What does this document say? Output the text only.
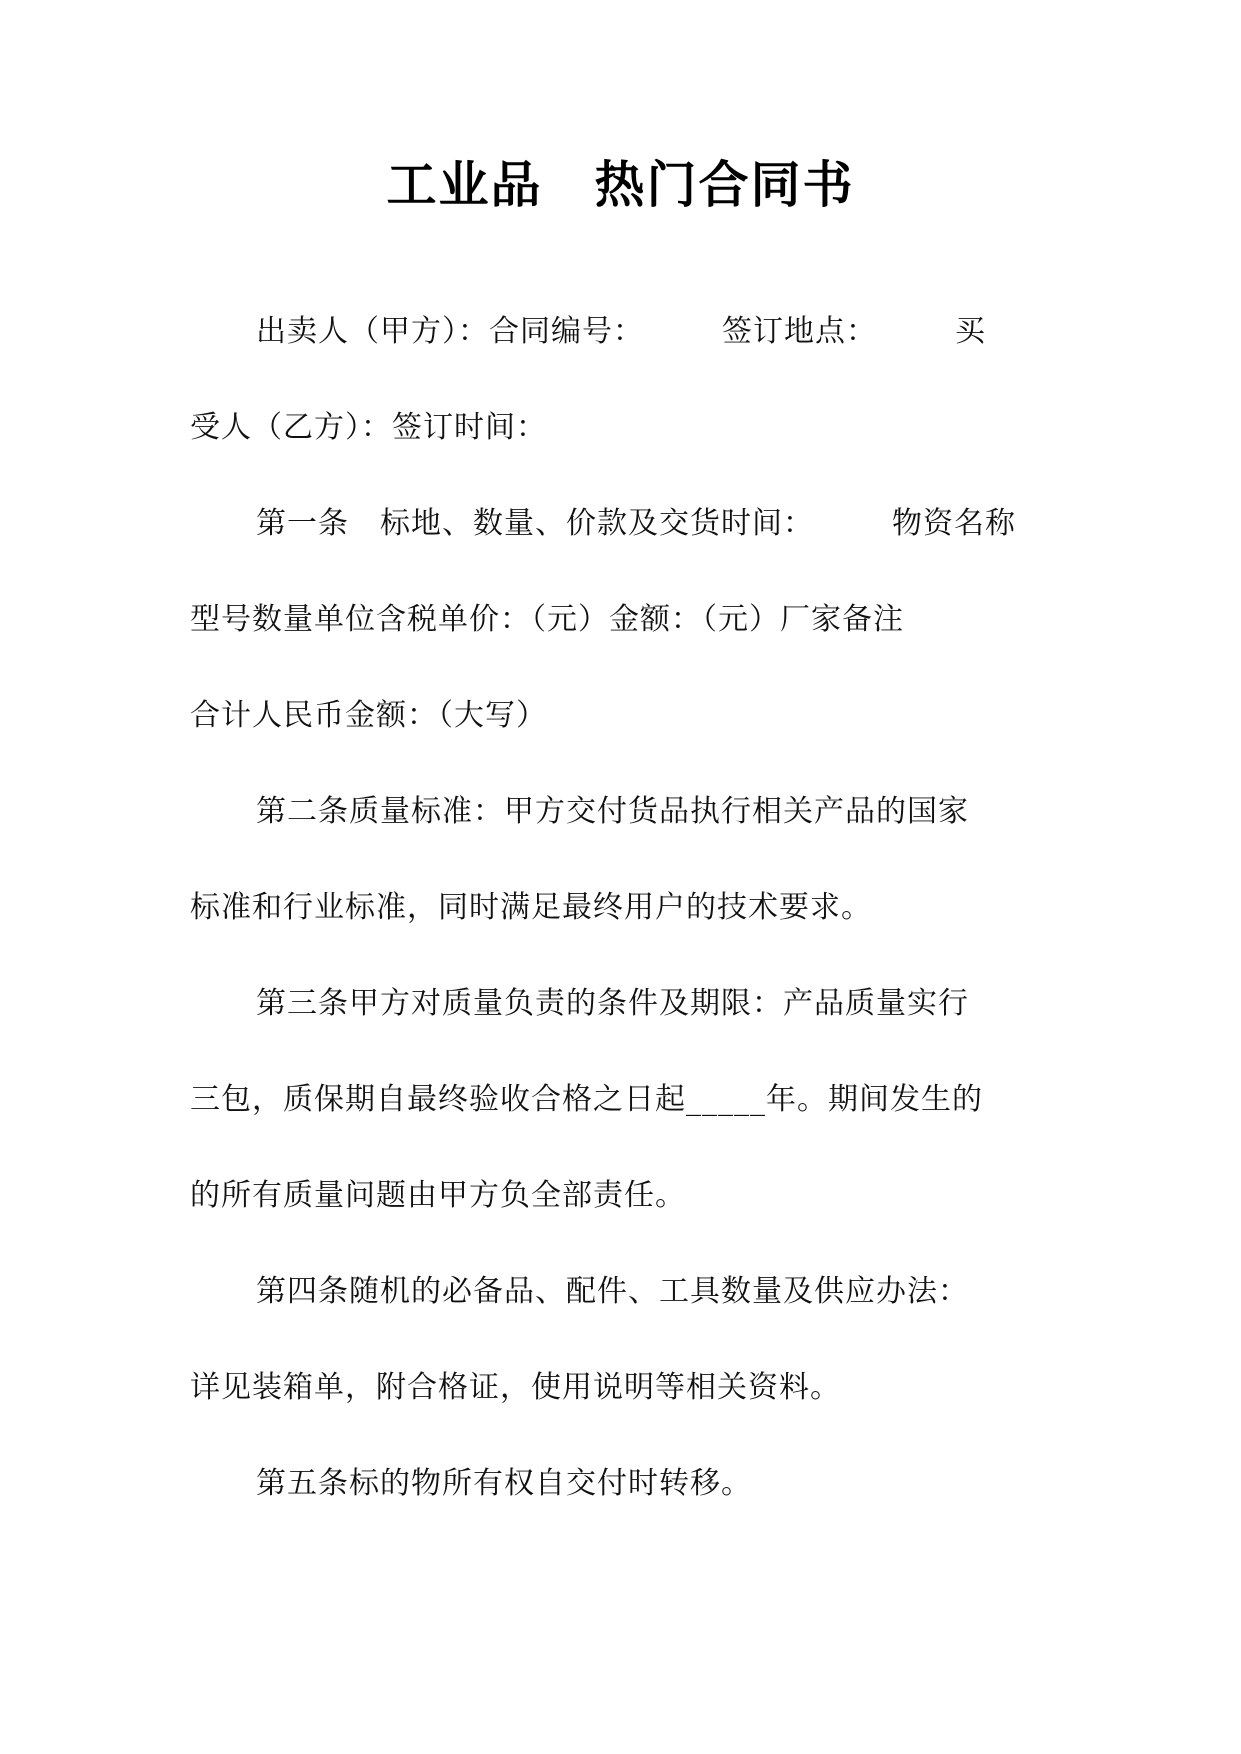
工业品　热门合同书
出卖人（甲方）：合同编号：　　　签订地点：　　　买
受人（乙方）：签订时间：
第一条　标地、数量、价款及交货时间：　　　物资名称
型号数量单位含税单价：（元）金额：（元）厂家备注
合计人民币金额：（大写）
第二条质量标准：甲方交付货品执行相关产品的国家
标准和行业标准，同时满足最终用户的技术要求。
第三条甲方对质量负责的条件及期限：产品质量实行
三包，质保期自最终验收合格之日起_____年。期间发生的
的所有质量问题由甲方负全部责任。
第四条随机的必备品、配件、工具数量及供应办法：
详见装箱单，附合格证，使用说明等相关资料。
第五条标的物所有权自交付时转移。
